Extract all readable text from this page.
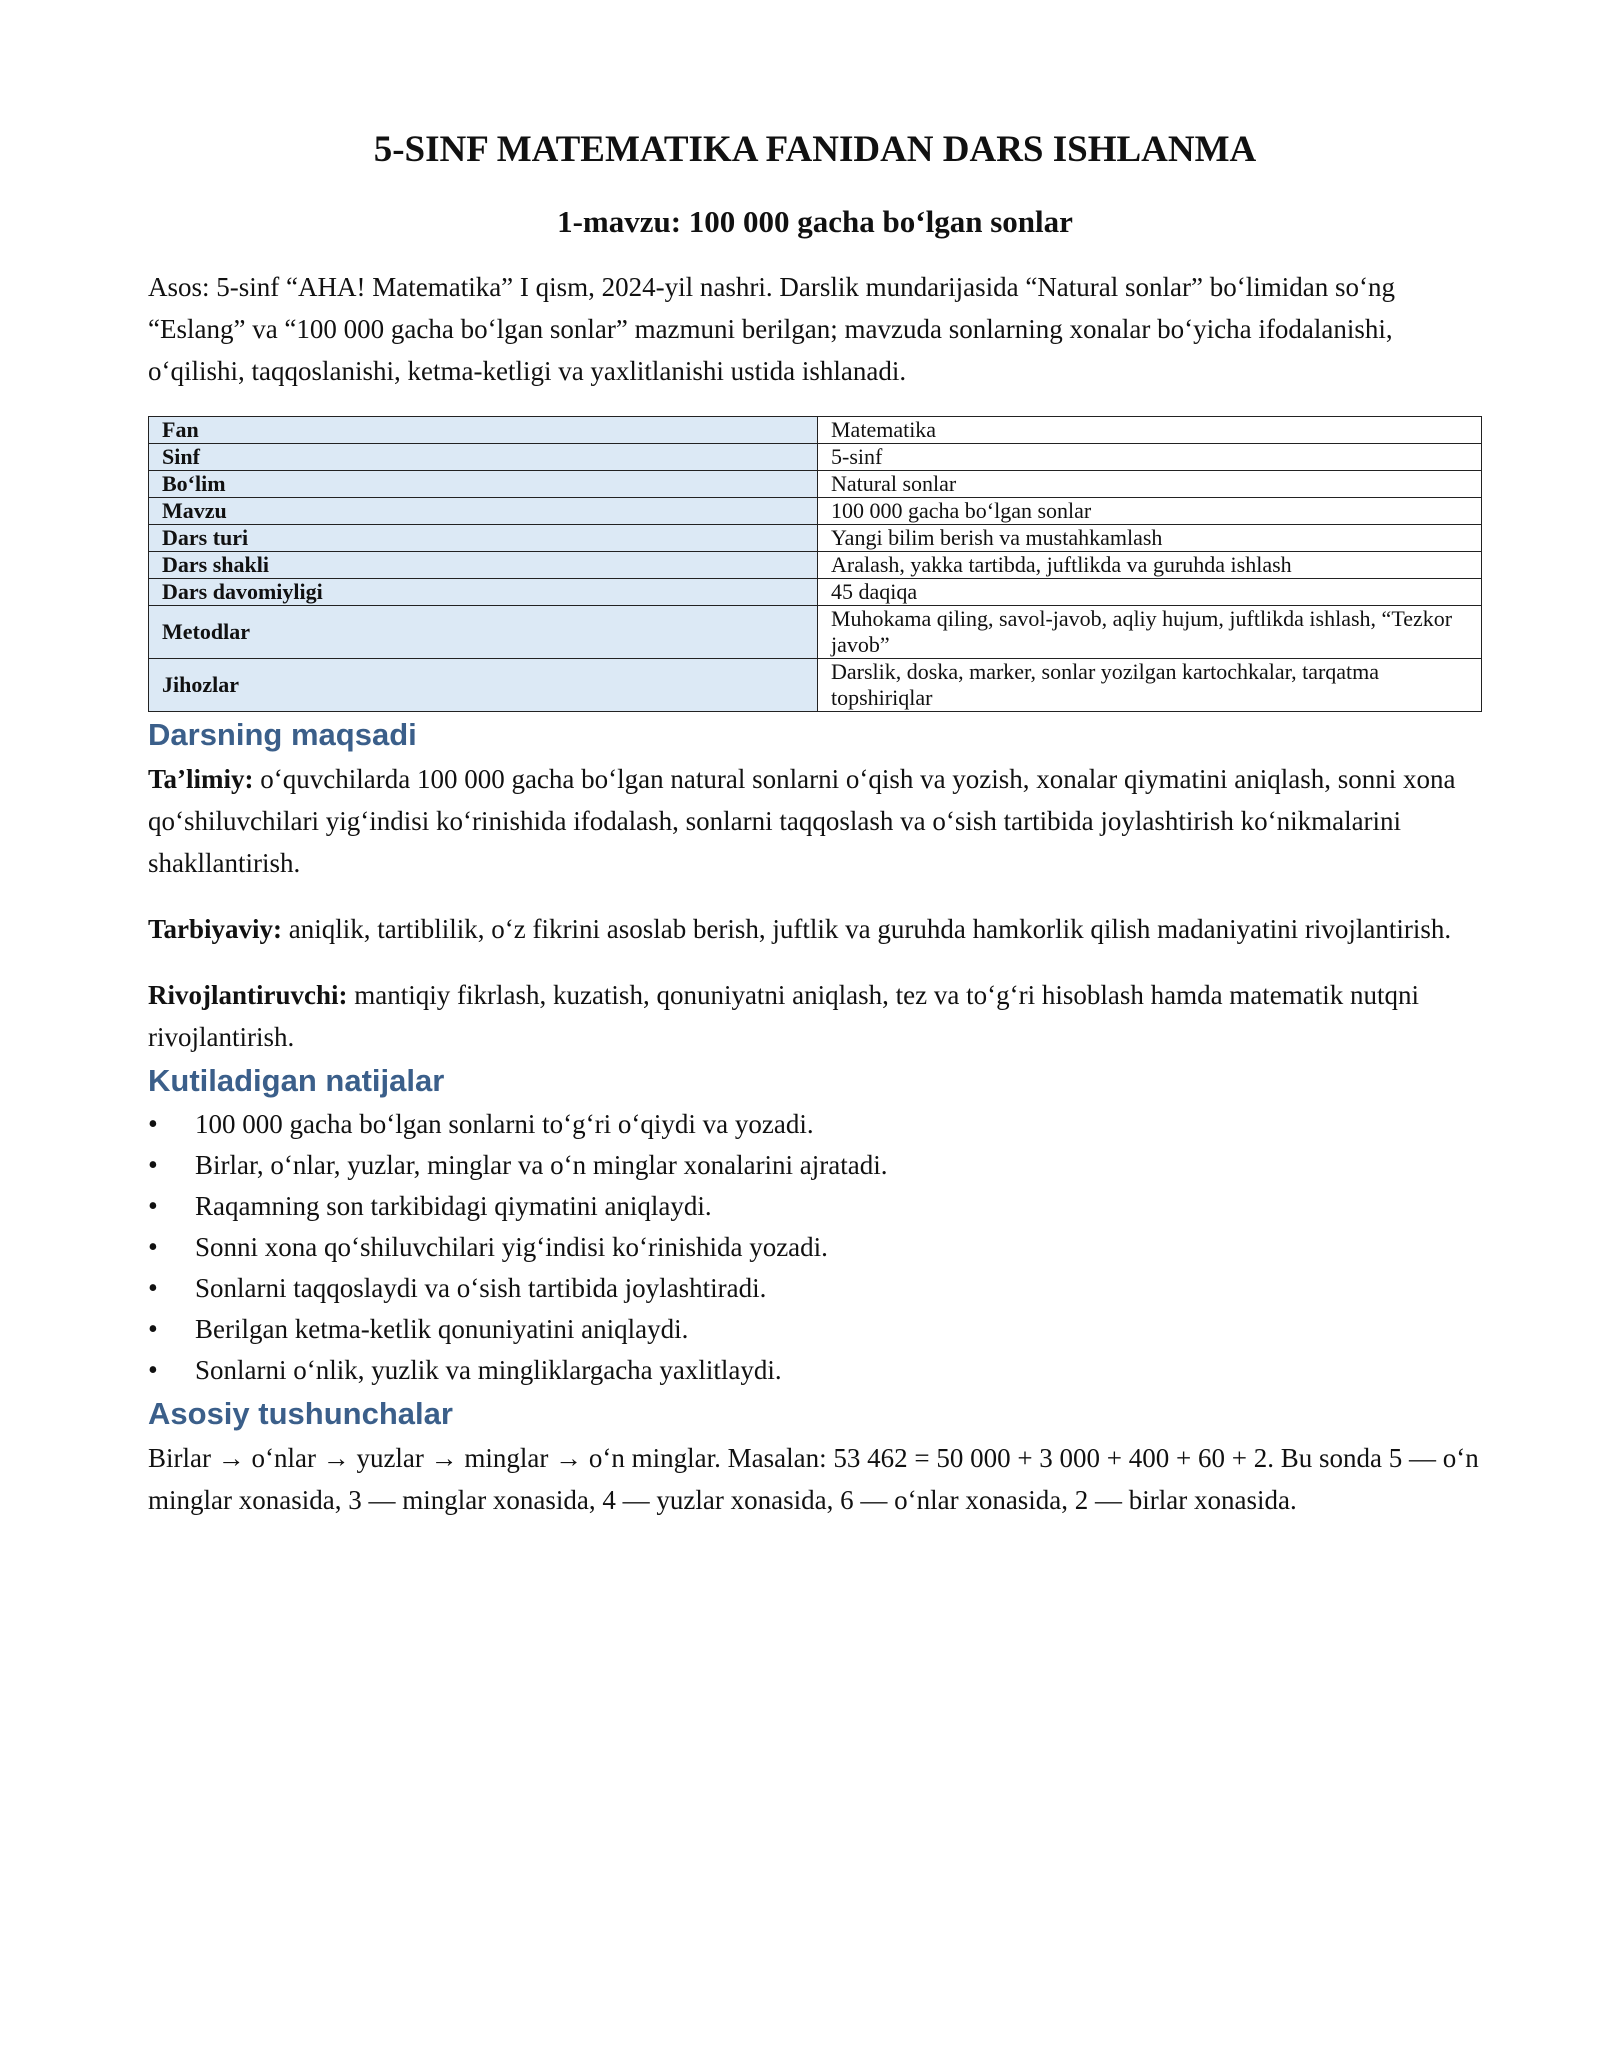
5-SINF MATEMATIKA FANIDAN DARS ISHLANMA
1-mavzu: 100 000 gacha bo‘lgan sonlar

Asos: 5-sinf “AHA! Matematika” I qism, 2024-yil nashri. Darslik mundarijasida “Natural sonlar” bo‘limidan so‘ng “Eslang” va “100 000 gacha bo‘lgan sonlar” mazmuni berilgan; mavzuda sonlarning xonalar bo‘yicha ifodalanishi, o‘qilishi, taqqoslanishi, ketma-ketligi va yaxlitlanishi ustida ishlanadi.

Fan	Matematika
Sinf	5-sinf
Bo‘lim	Natural sonlar
Mavzu	100 000 gacha bo‘lgan sonlar
Dars turi	Yangi bilim berish va mustahkamlash
Dars shakli	Aralash, yakka tartibda, juftlikda va guruhda ishlash
Dars davomiyligi	45 daqiqa
Metodlar	Muhokama qiling, savol-javob, aqliy hujum, juftlikda ishlash, “Tezkor javob”
Jihozlar	Darslik, doska, marker, sonlar yozilgan kartochkalar, tarqatma topshiriqlar
Darsning maqsadi

Ta’limiy: o‘quvchilarda 100 000 gacha bo‘lgan natural sonlarni o‘qish va yozish, xonalar qiymatini aniqlash, sonni xona qo‘shiluvchilari yig‘indisi ko‘rinishida ifodalash, sonlarni taqqoslash va o‘sish tartibida joylashtirish ko‘nikmalarini shakllantirish.

Tarbiyaviy: aniqlik, tartiblilik, o‘z fikrini asoslab berish, juftlik va guruhda hamkorlik qilish madaniyatini rivojlantirish.

Rivojlantiruvchi: mantiqiy fikrlash, kuzatish, qonuniyatni aniqlash, tez va to‘g‘ri hisoblash hamda matematik nutqni rivojlantirish.

Kutiladigan natijalar
• 100 000 gacha bo‘lgan sonlarni to‘g‘ri o‘qiydi va yozadi.
• Birlar, o‘nlar, yuzlar, minglar va o‘n minglar xonalarini ajratadi.
• Raqamning son tarkibidagi qiymatini aniqlaydi.
• Sonni xona qo‘shiluvchilari yig‘indisi ko‘rinishida yozadi.
• Sonlarni taqqoslaydi va o‘sish tartibida joylashtiradi.
• Berilgan ketma-ketlik qonuniyatini aniqlaydi.
• Sonlarni o‘nlik, yuzlik va mingliklargacha yaxlitlaydi.
Asosiy tushunchalar

Birlar → o‘nlar → yuzlar → minglar → o‘n minglar. Masalan: 53 462 = 50 000 + 3 000 + 400 + 60 + 2. Bu sonda 5 — o‘n minglar xonasida, 3 — minglar xonasida, 4 — yuzlar xonasida, 6 — o‘nlar xonasida, 2 — birlar xonasida.
